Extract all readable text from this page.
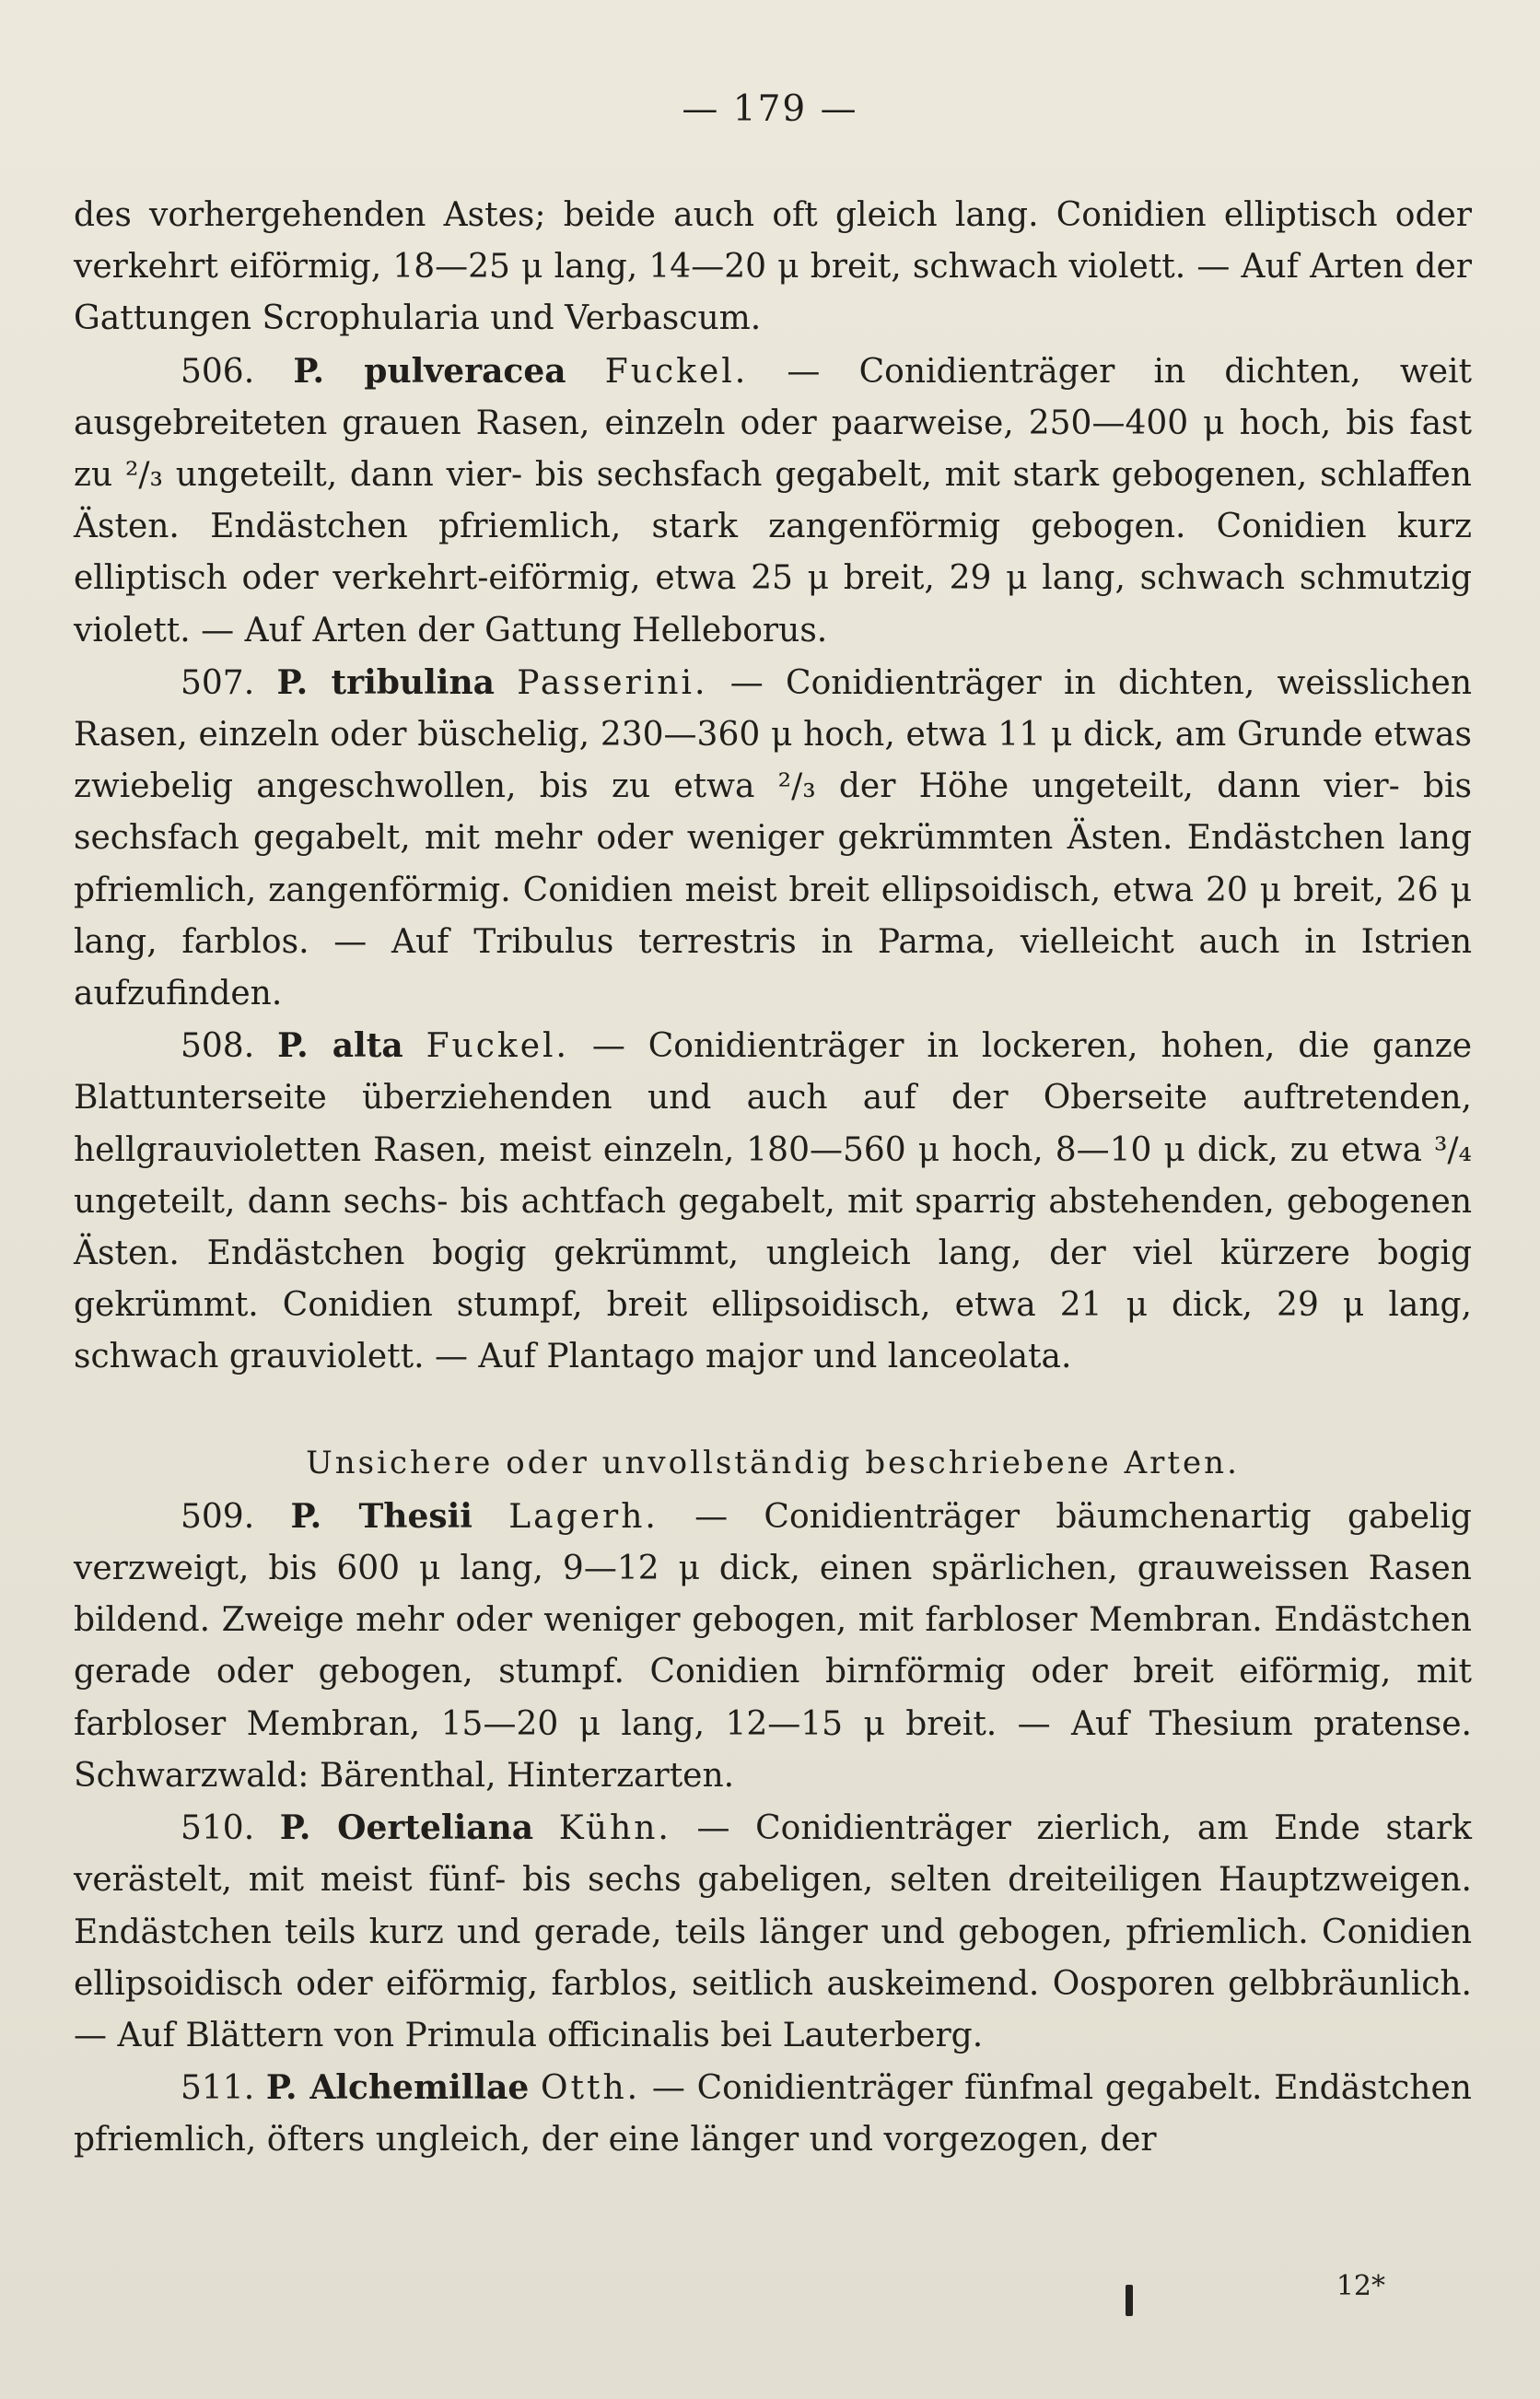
— 179 —

des vorhergehenden Astes; beide auch oft gleich lang. Conidien elliptisch oder verkehrt eiförmig, 18—25 μ lang, 14—20 μ breit, schwach violett. — Auf Arten der Gattungen Scrophularia und Verbascum.

506. P. pulveracea Fuckel. — Conidienträger in dichten, weit ausgebreiteten grauen Rasen, einzeln oder paarweise, 250—400 μ hoch, bis fast zu ²/₃ ungeteilt, dann vier- bis sechsfach gegabelt, mit stark gebogenen, schlaffen Ästen. Endästchen pfriemlich, stark zangenförmig gebogen. Conidien kurz elliptisch oder verkehrt-eiförmig, etwa 25 μ breit, 29 μ lang, schwach schmutzig violett. — Auf Arten der Gattung Helleborus.

507. P. tribulina Passerini. — Conidienträger in dichten, weisslichen Rasen, einzeln oder büschelig, 230—360 μ hoch, etwa 11 μ dick, am Grunde etwas zwiebelig angeschwollen, bis zu etwa ²/₃ der Höhe ungeteilt, dann vier- bis sechsfach gegabelt, mit mehr oder weniger gekrümmten Ästen. Endästchen lang pfriemlich, zangenförmig. Conidien meist breit ellipsoidisch, etwa 20 μ breit, 26 μ lang, farblos. — Auf Tribulus terrestris in Parma, vielleicht auch in Istrien aufzufinden.

508. P. alta Fuckel. — Conidienträger in lockeren, hohen, die ganze Blattunterseite überziehenden und auch auf der Oberseite auftretenden, hellgrauvioletten Rasen, meist einzeln, 180—560 μ hoch, 8—10 μ dick, zu etwa ³/₄ ungeteilt, dann sechs- bis achtfach gegabelt, mit sparrig abstehenden, gebogenen Ästen. Endästchen bogig gekrümmt, ungleich lang, der viel kürzere bogig gekrümmt. Conidien stumpf, breit ellipsoidisch, etwa 21 μ dick, 29 μ lang, schwach grauviolett. — Auf Plantago major und lanceolata.

Unsichere oder unvollständig beschriebene Arten.

509. P. Thesii Lagerh. — Conidienträger bäumchenartig gabelig verzweigt, bis 600 μ lang, 9—12 μ dick, einen spärlichen, grauweissen Rasen bildend. Zweige mehr oder weniger gebogen, mit farbloser Membran. Endästchen gerade oder gebogen, stumpf. Conidien birnförmig oder breit eiförmig, mit farbloser Membran, 15—20 μ lang, 12—15 μ breit. — Auf Thesium pratense. Schwarzwald: Bärenthal, Hinterzarten.

510. P. Oerteliana Kühn. — Conidienträger zierlich, am Ende stark verästelt, mit meist fünf- bis sechs gabeligen, selten dreiteiligen Hauptzweigen. Endästchen teils kurz und gerade, teils länger und gebogen, pfriemlich. Conidien ellipsoidisch oder eiförmig, farblos, seitlich auskeimend. Oosporen gelbbräunlich. — Auf Blättern von Primula officinalis bei Lauterberg.

511. P. Alchemillae Otth. — Conidienträger fünfmal gegabelt. Endästchen pfriemlich, öfters ungleich, der eine länger und vorgezogen, der

12*
